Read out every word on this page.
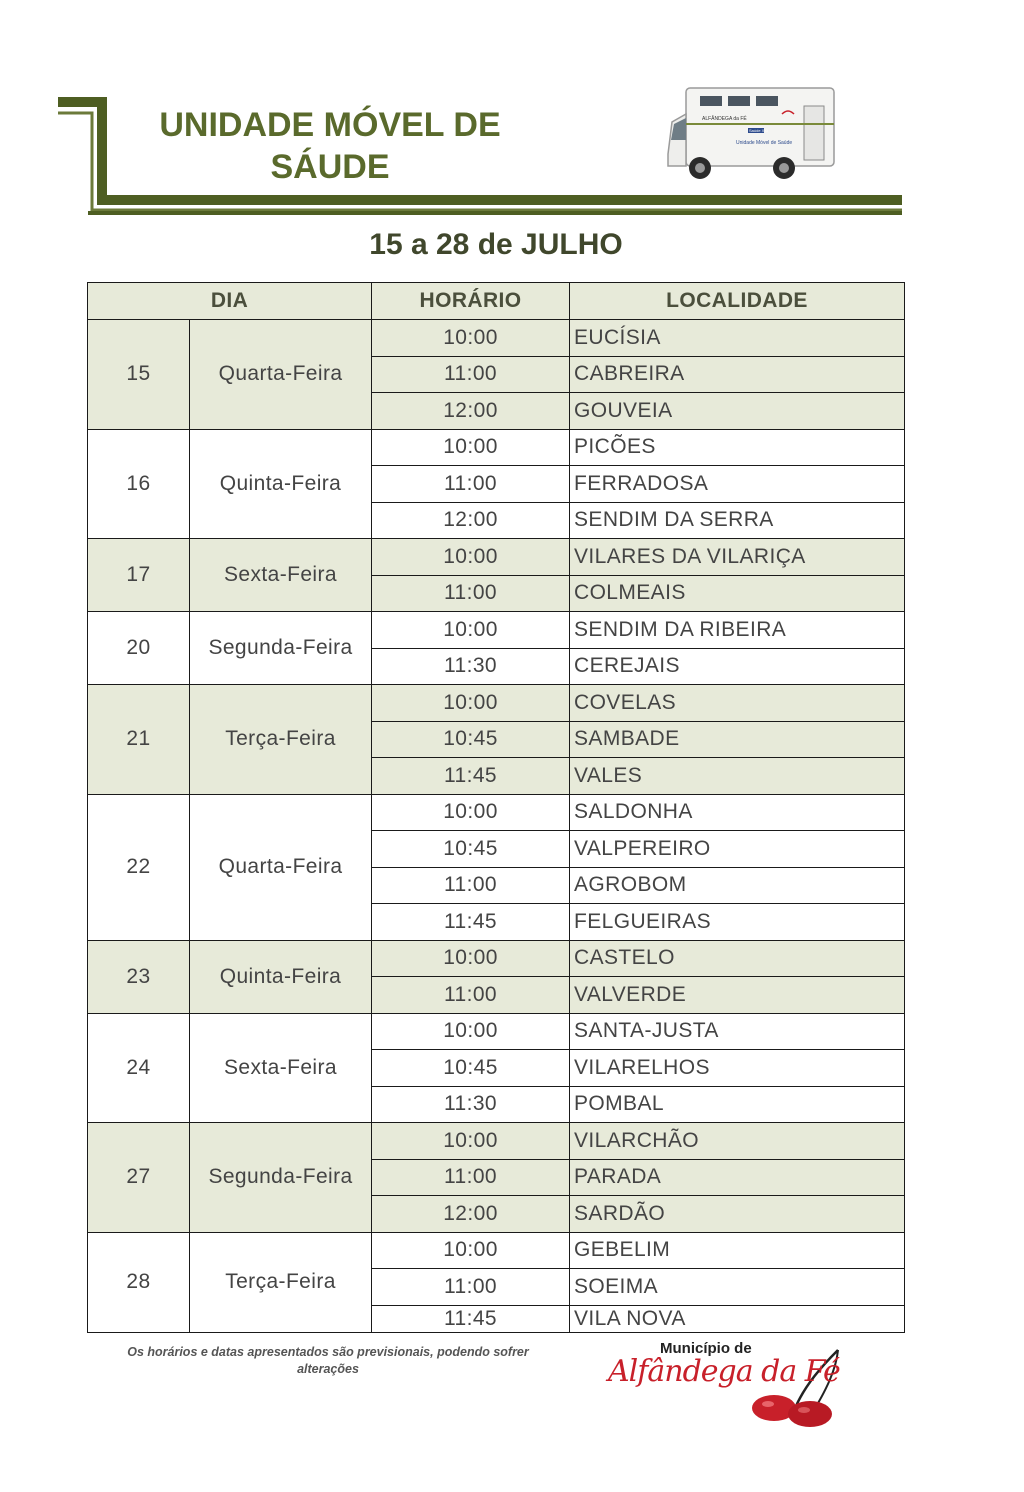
UNIDADE MÓVEL DE
SÁUDE
ALFÂNDEGA da FÉ
Saúde XXI
Unidade Móvel de Saúde
15 a 28 de JULHO
DIA		HORÁRIO	LOCALIDADE
15	Quarta-Feira	10:00	EUCÍSIA
		11:00	CABREIRA
		12:00	GOUVEIA
16	Quinta-Feira	10:00	PICÕES
		11:00	FERRADOSA
		12:00	SENDIM DA SERRA
17	Sexta-Feira	10:00	VILARES DA VILARIÇA
		11:00	COLMEAIS
20	Segunda-Feira	10:00	SENDIM DA RIBEIRA
		11:30	CEREJAIS
21	Terça-Feira	10:00	COVELAS
		10:45	SAMBADE
		11:45	VALES
22	Quarta-Feira	10:00	SALDONHA
		10:45	VALPEREIRO
		11:00	AGROBOM
		11:45	FELGUEIRAS
23	Quinta-Feira	10:00	CASTELO
		11:00	VALVERDE
24	Sexta-Feira	10:00	SANTA-JUSTA
		10:45	VILARELHOS
		11:30	POMBAL
27	Segunda-Feira	10:00	VILARCHÃO
		11:00	PARADA
		12:00	SARDÃO
28	Terça-Feira	10:00	GEBELIM
		11:00	SOEIMA
		11:45	VILA NOVA
Os horários e datas apresentados são previsionais, podendo sofrer
alterações
Município de
Alfândega da Fé
